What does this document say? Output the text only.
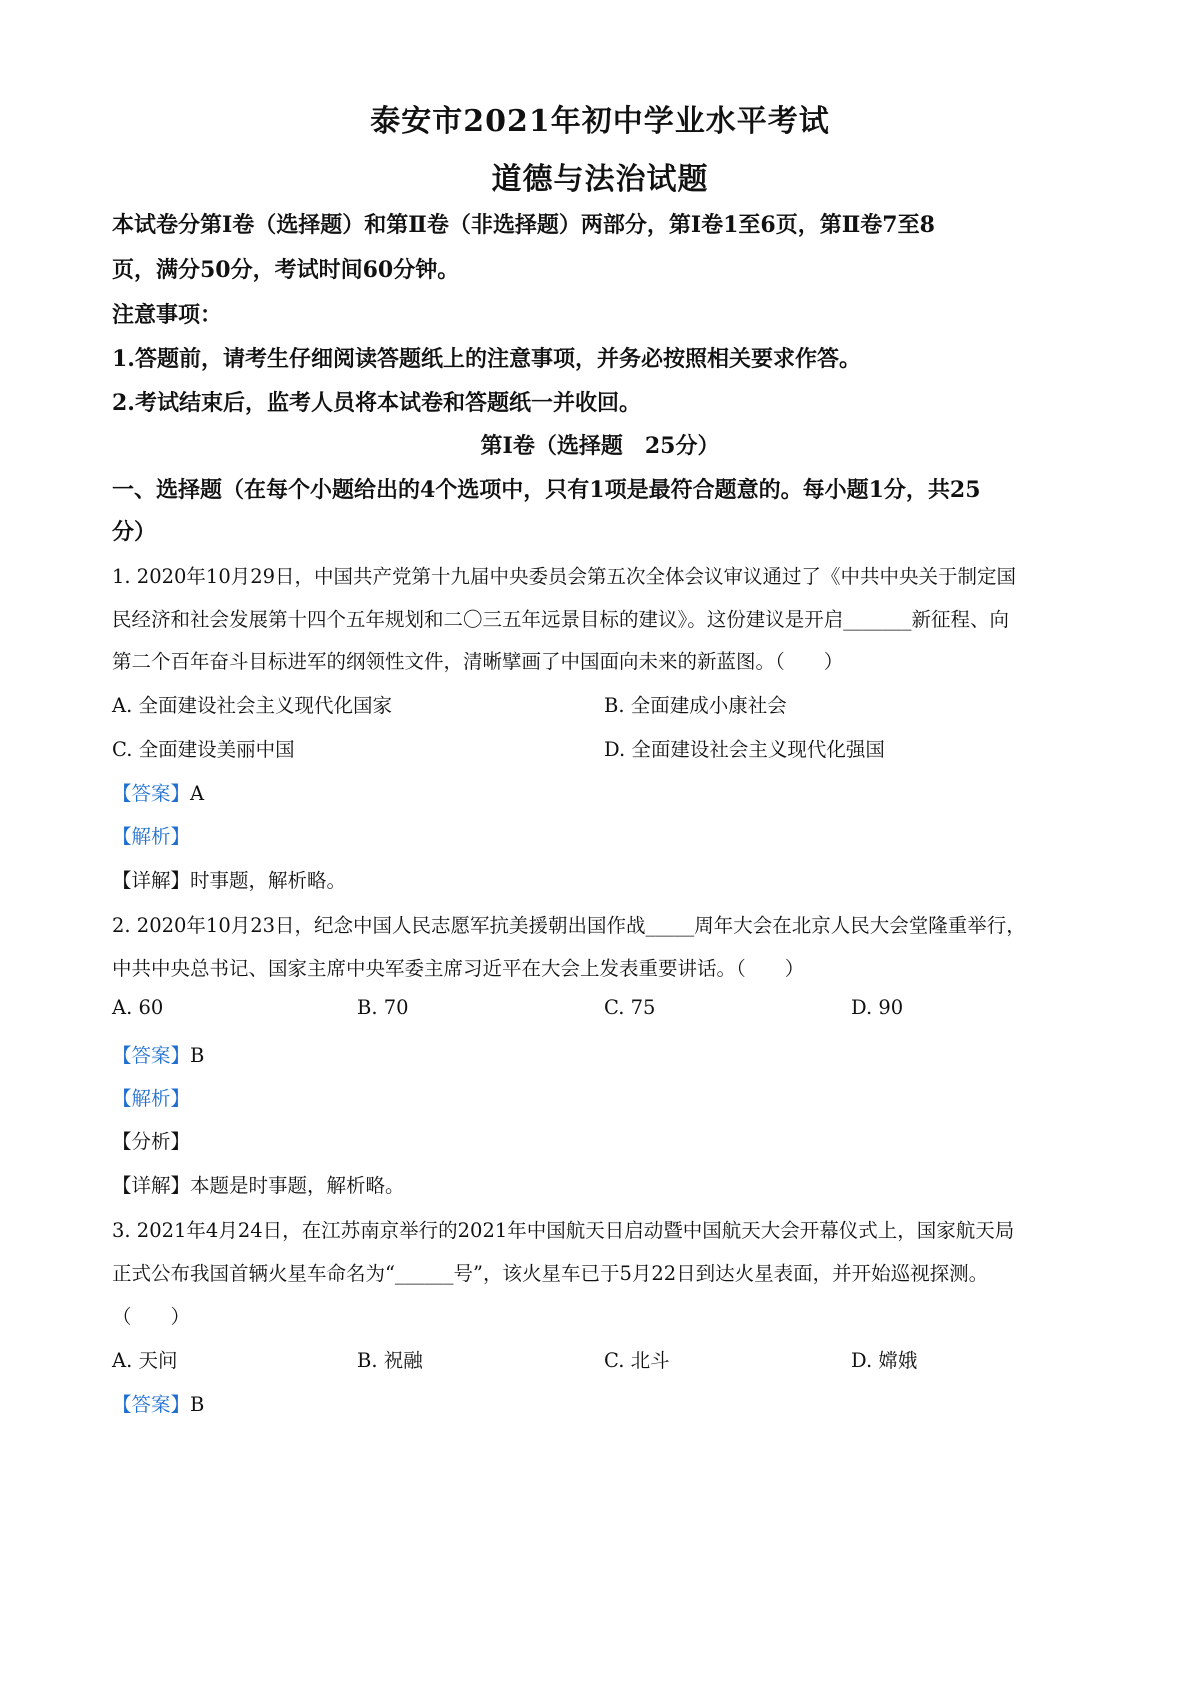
泰安市2021年初中学业水平考试
道德与法治试题
本试卷分第Ⅰ卷（选择题）和第Ⅱ卷（非选择题）两部分，第Ⅰ卷1至6页，第Ⅱ卷7至8
页，满分50分，考试时间60分钟。
注意事项：
1.答题前，请考生仔细阅读答题纸上的注意事项，并务必按照相关要求作答。
2.考试结束后，监考人员将本试卷和答题纸一并收回。
第Ⅰ卷（选择题　25分）
一、选择题（在每个小题给出的4个选项中，只有1项是最符合题意的。每小题1分，共25
分）
1. 2020年10月29日，中国共产党第十九届中央委员会第五次全体会议审议通过了《中共中央关于制定国
民经济和社会发展第十四个五年规划和二〇三五年远景目标的建议》。这份建议是开启_______新征程、向
第二个百年奋斗目标进军的纲领性文件，清晰擘画了中国面向未来的新蓝图。（　　）
A. 全面建设社会主义现代化国家	B. 全面建成小康社会
C. 全面建设美丽中国	D. 全面建设社会主义现代化强国
【答案】A
【解析】
【详解】时事题，解析略。
2. 2020年10月23日，纪念中国人民志愿军抗美援朝出国作战_____周年大会在北京人民大会堂隆重举行，
中共中央总书记、国家主席中央军委主席习近平在大会上发表重要讲话。（　　）
A. 60	B. 70	C. 75	D. 90
【答案】B
【解析】
【分析】
【详解】本题是时事题，解析略。
3. 2021年4月24日，在江苏南京举行的2021年中国航天日启动暨中国航天大会开幕仪式上，国家航天局
正式公布我国首辆火星车命名为“______号”，该火星车已于5月22日到达火星表面，并开始巡视探测。
（　　）
A. 天问	B. 祝融	C. 北斗	D. 嫦娥
【答案】B
